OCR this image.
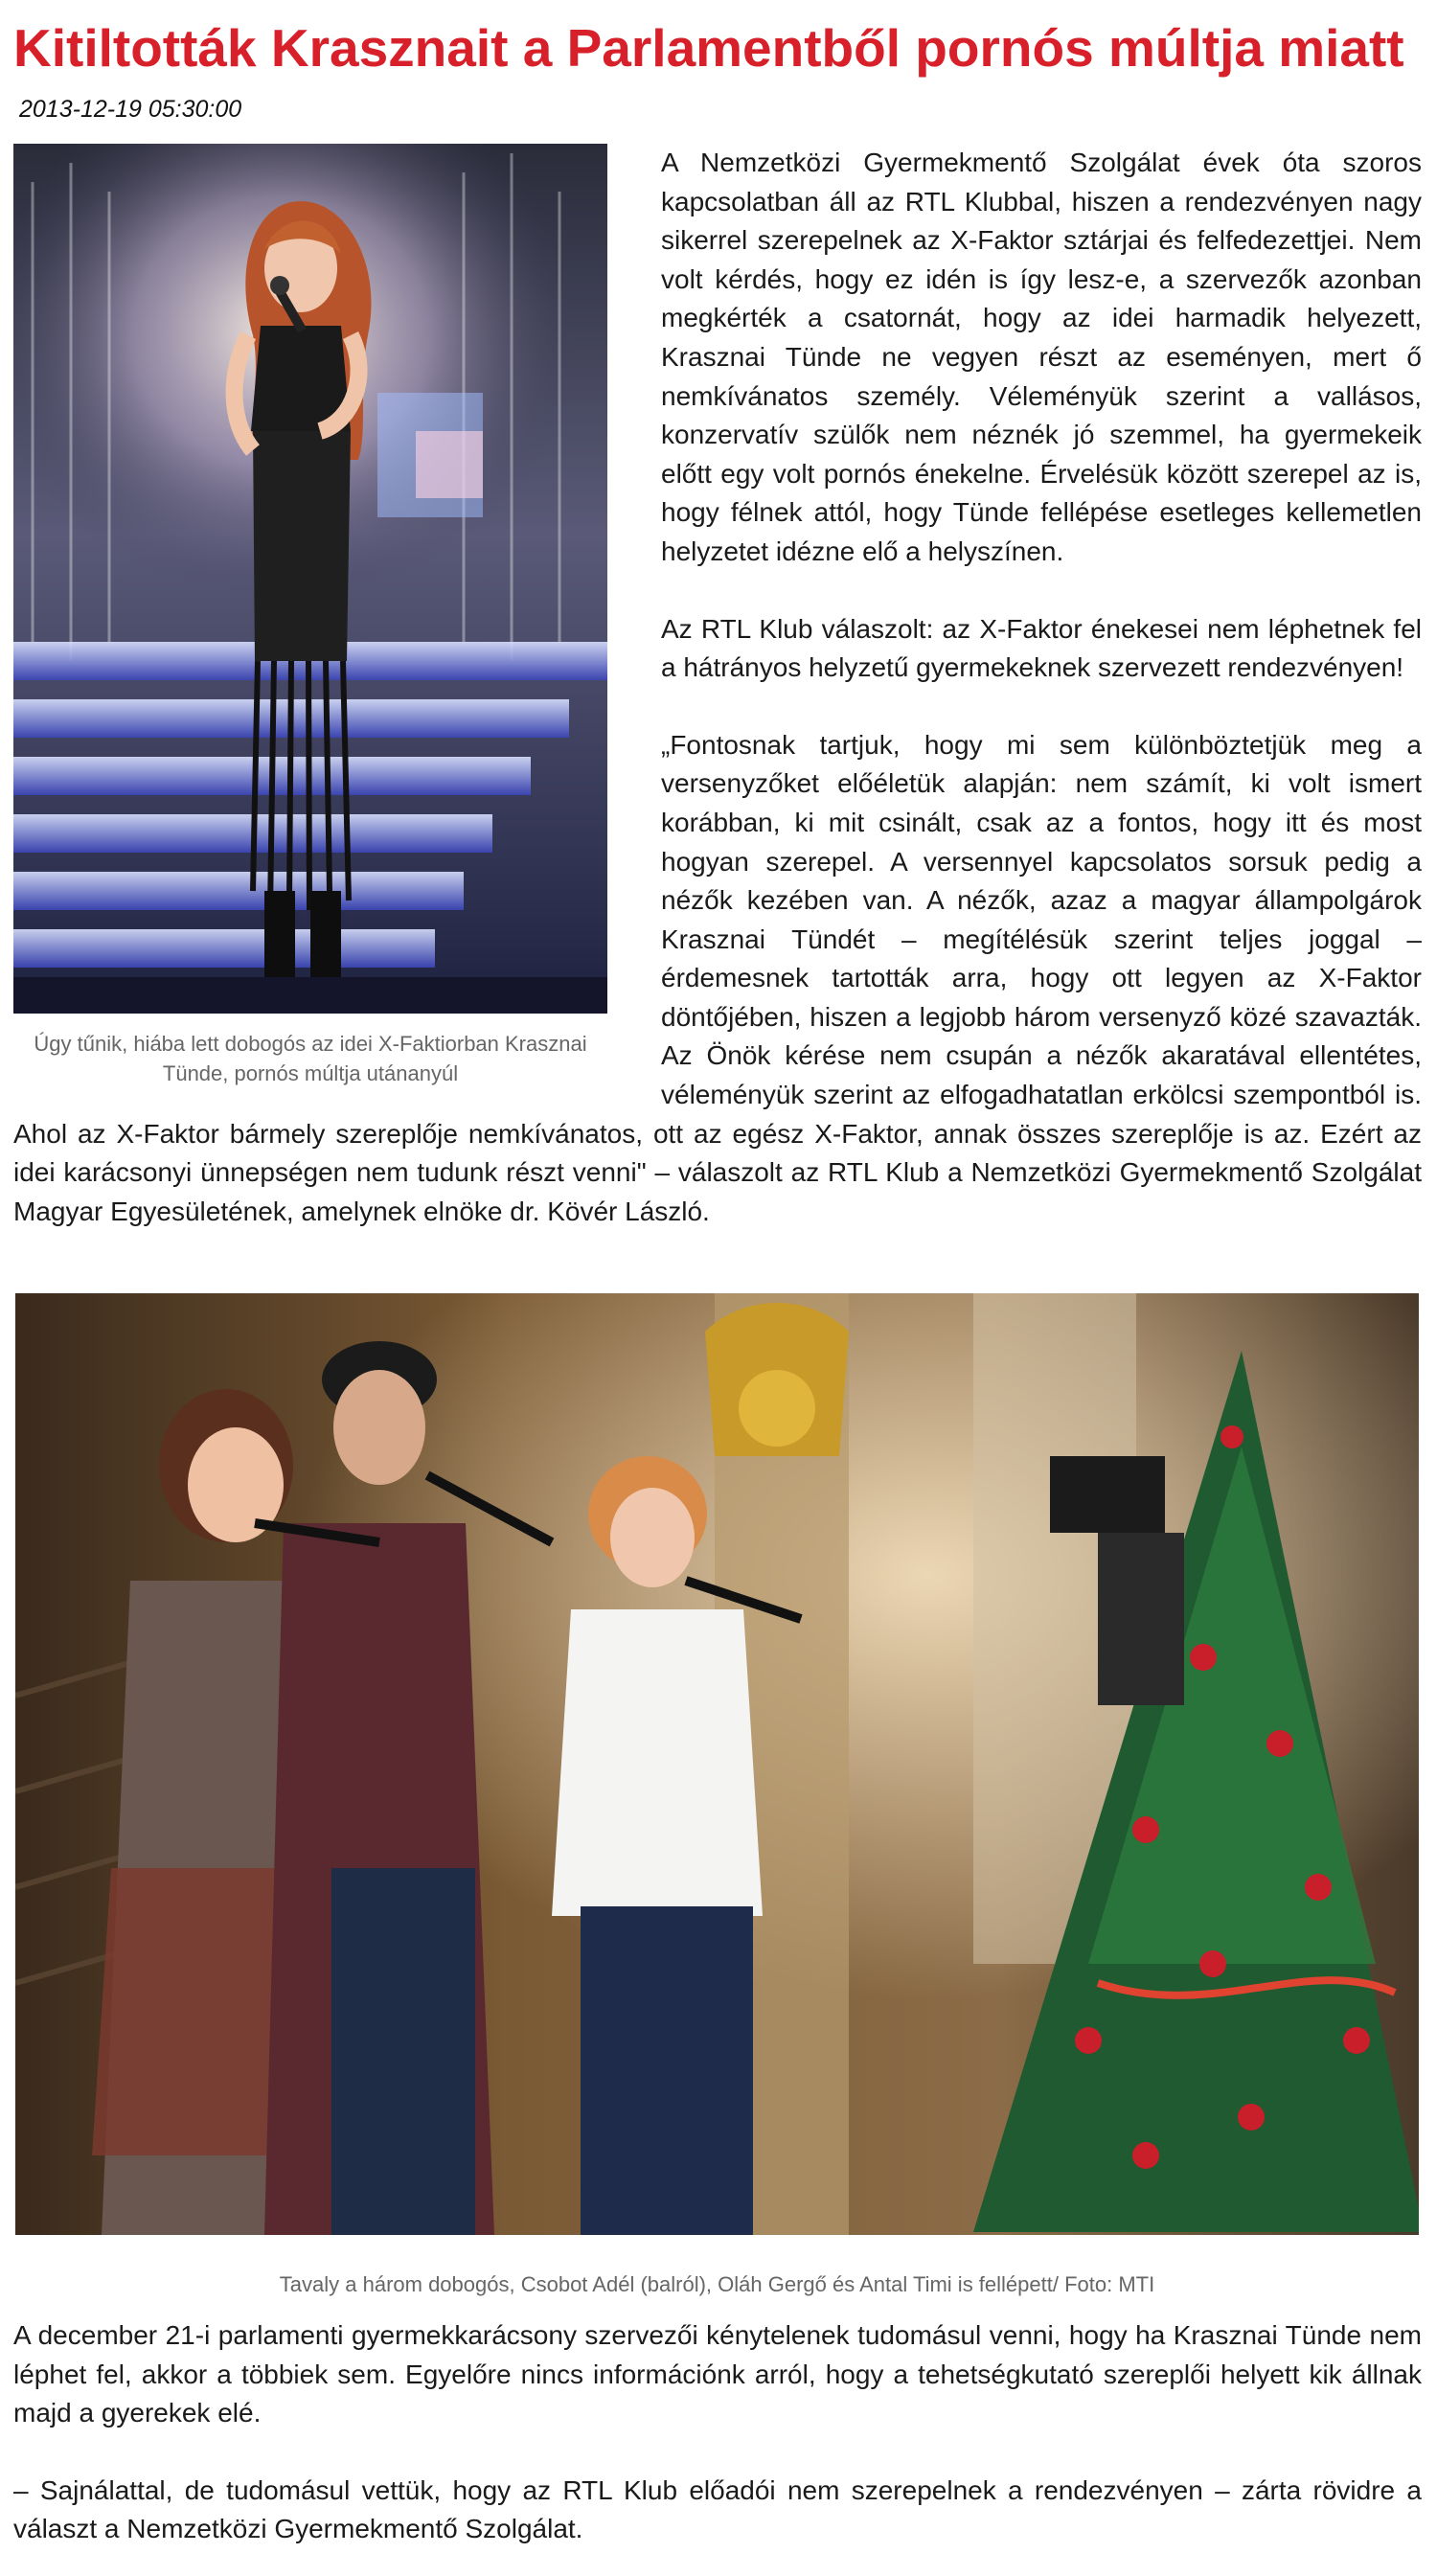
Kitiltották Krasznait a Parlamentből pornós múltja miatt
2013-12-19 05:30:00
Úgy tűnik, hiába lett dobogós az idei X-Faktiorban Krasznai Tünde, pornós múltja utánanyúl

A Nemzetközi Gyermekmentő Szolgálat évek óta szoros kapcsolatban áll az RTL Klubbal, hiszen a rendezvényen nagy sikerrel szerepelnek az X-Faktor sztárjai és felfedezettjei. Nem volt kérdés, hogy ez idén is így lesz-e, a szervezők azonban megkérték a csatornát, hogy az idei harmadik helyezett, Krasznai Tünde ne vegyen részt az eseményen, mert ő nemkívánatos személy. Véleményük szerint a vallásos, konzervatív szülők nem néznék jó szemmel, ha gyermekeik előtt egy volt pornós énekelne. Érvelésük között szerepel az is, hogy félnek attól, hogy Tünde fellépése esetleges kellemetlen helyzetet idézne elő a helyszínen.

Az RTL Klub válaszolt: az X-Faktor énekesei nem léphetnek fel a hátrányos helyzetű gyermekeknek szervezett rendezvényen!

„Fontosnak tartjuk, hogy mi sem különböztetjük meg a versenyzőket előéletük alapján: nem számít, ki volt ismert korábban, ki mit csinált, csak az a fontos, hogy itt és most hogyan szerepel. A versennyel kapcsolatos sorsuk pedig a nézők kezében van. A nézők, azaz a magyar állampolgárok Krasznai Tündét – megítélésük szerint teljes joggal – érdemesnek tartották arra, hogy ott legyen az X-Faktor döntőjében, hiszen a legjobb három versenyző közé szavazták. Az Önök kérése nem csupán a nézők akaratával ellentétes, véleményük szerint az elfogadhatatlan erkölcsi szempontból is. Ahol az X-Faktor bármely szereplője nemkívánatos, ott az egész X-Faktor, annak összes szereplője is az. Ezért az idei karácsonyi ünnepségen nem tudunk részt venni" – válaszolt az RTL Klub a Nemzetközi Gyermekmentő Szolgálat Magyar Egyesületének, amelynek elnöke dr. Kövér László.

Tavaly a három dobogós, Csobot Adél (balról), Oláh Gergő és Antal Timi is fellépett/ Foto: MTI

A december 21-i parlamenti gyermekkarácsony szervezői kénytelenek tudomásul venni, hogy ha Krasznai Tünde nem léphet fel, akkor a többiek sem. Egyelőre nincs információnk arról, hogy a tehetségkutató szereplői helyett kik állnak majd a gyerekek elé.

– Sajnálattal, de tudomásul vettük, hogy az RTL Klub előadói nem szerepelnek a rendezvényen – zárta rövidre a választ a Nemzetközi Gyermekmentő Szolgálat.
